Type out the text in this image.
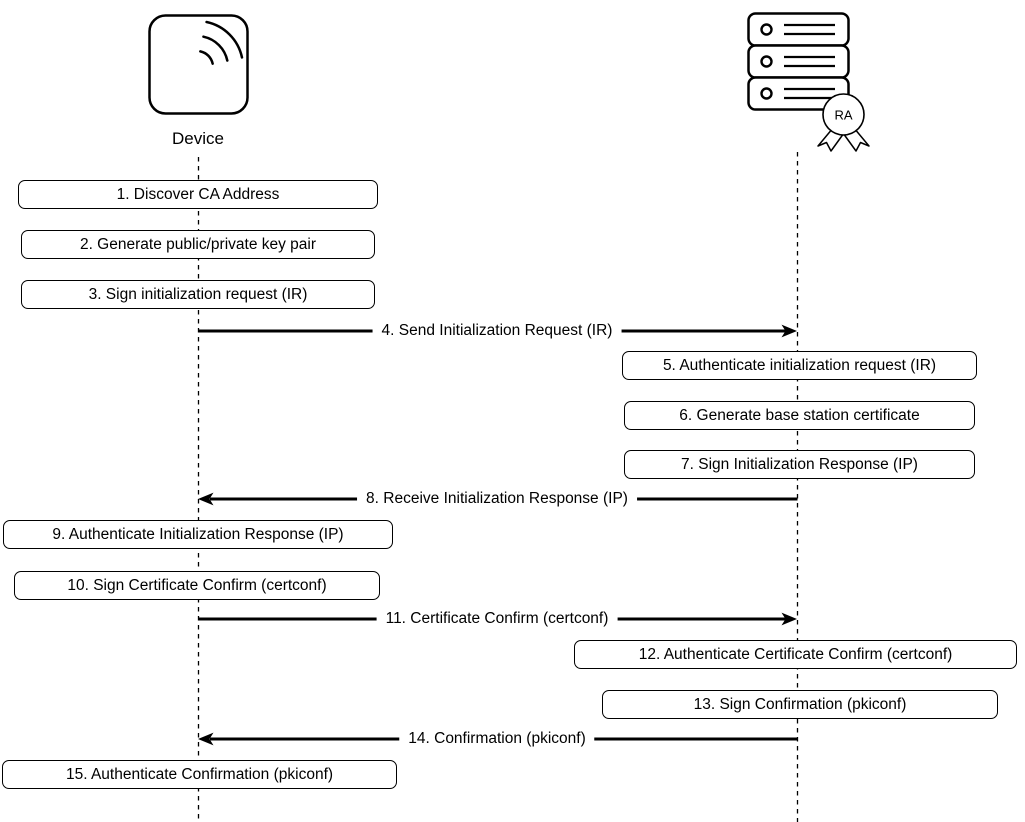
Device
RA
1. Discover CA Address
2. Generate public/private key pair
3. Sign initialization request (IR)
9. Authenticate Initialization Response (IP)
10. Sign Certificate Confirm (certconf)
15. Authenticate Confirmation (pkiconf)
5. Authenticate initialization request (IR)
6. Generate base station certificate
7. Sign Initialization Response (IP)
12. Authenticate Certificate Confirm (certconf)
13. Sign Confirmation (pkiconf)
4. Send Initialization Request (IR)
8. Receive Initialization Response (IP)
11. Certificate Confirm (certconf)
14. Confirmation (pkiconf)
